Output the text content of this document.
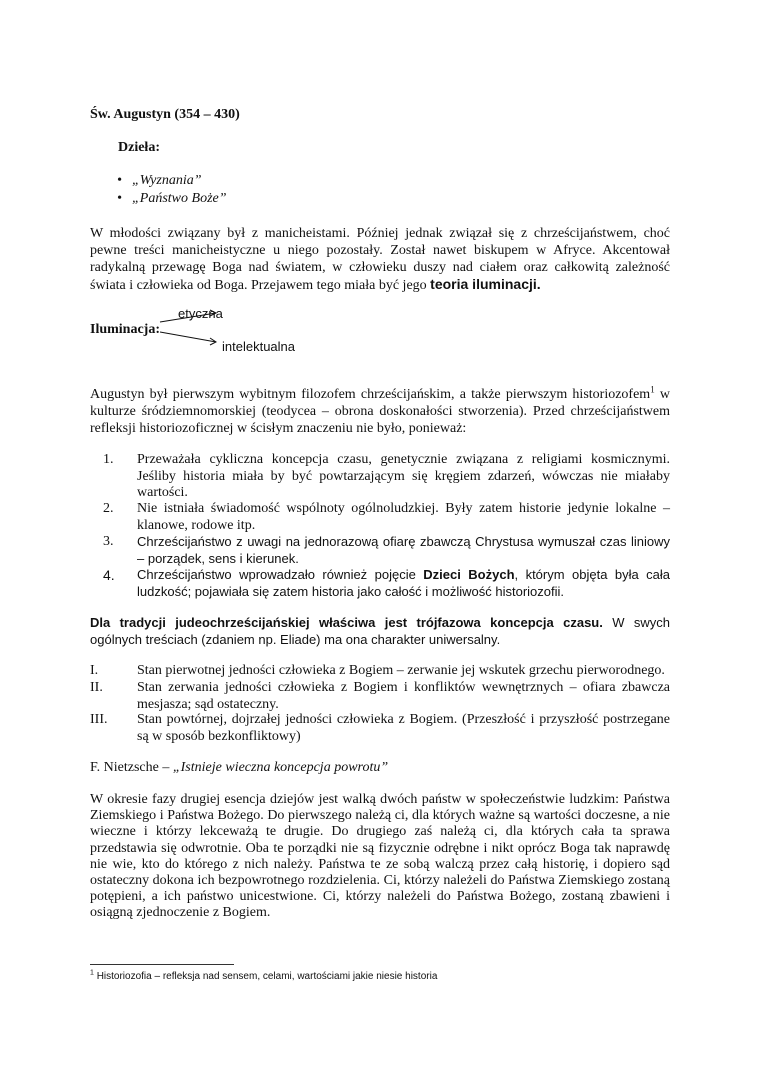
Św. Augustyn (354 – 430)
Dzieła:
• „Wyznania”
• „Państwo Boże”

W młodości związany był z manicheistami. Później jednak związał się z chrześcijaństwem, choć pewne treści manicheistyczne u niego pozostały. Został nawet biskupem w Afryce. Akcentował radykalną przewagę Boga nad światem, w człowieku duszy nad ciałem oraz całkowitą zależność świata i człowieka od Boga. Przejawem tego miała być jego teoria iluminacji.

Iluminacja:
etyczna
intelektualna

Augustyn był pierwszym wybitnym filozofem chrześcijańskim, a także pierwszym historiozofem$^1$ w kulturze śródziemnomorskiej (teodycea – obrona doskonałości stworzenia). Przed chrześcijaństwem refleksji historiozoficznej w ścisłym znaczeniu nie było, ponieważ:

1.	Przeważała cykliczna koncepcja czasu, genetycznie związana z religiami kosmicznymi. Jeśliby historia miała by być powtarzającym się kręgiem zdarzeń, wówczas nie miałaby wartości.

2.	Nie istniała świadomość wspólnoty ogólnoludzkiej. Były zatem historie jedynie lokalne – klanowe, rodowe itp.

3.	Chrześcijaństwo z uwagi na jednorazową ofiarę zbawczą Chrystusa wymuszał czas liniowy – porządek, sens i kierunek.

4.	Chrześcijaństwo wprowadzało również pojęcie Dzieci Bożych, którym objęta była cała ludzkość; pojawiała się zatem historia jako całość i możliwość historiozofii.

Dla tradycji judeochrześcijańskiej właściwa jest trójfazowa koncepcja czasu. W swych ogólnych treściach (zdaniem np. Eliade) ma ona charakter uniwersalny.

I.	Stan pierwotnej jedności człowieka z Bogiem – zerwanie jej wskutek grzechu pierworodnego.

II.	Stan zerwania jedności człowieka z Bogiem i konfliktów wewnętrznych – ofiara zbawcza mesjasza; sąd ostateczny.

III.	Stan powtórnej, dojrzałej jedności człowieka z Bogiem. (Przeszłość i przyszłość postrzegane są w sposób bezkonfliktowy)

F. Nietzsche – „Istnieje wieczna koncepcja powrotu”

W okresie fazy drugiej esencja dziejów jest walką dwóch państw w społeczeństwie ludzkim: Państwa Ziemskiego i Państwa Bożego. Do pierwszego należą ci, dla których ważne są wartości doczesne, a nie wieczne i którzy lekceważą te drugie. Do drugiego zaś należą ci, dla których cała ta sprawa przedstawia się odwrotnie. Oba te porządki nie są fizycznie odrębne i nikt oprócz Boga tak naprawdę nie wie, kto do którego z nich należy. Państwa te ze sobą walczą przez całą historię, i dopiero sąd ostateczny dokona ich bezpowrotnego rozdzielenia. Ci, którzy należeli do Państwa Ziemskiego zostaną potępieni, a ich państwo unicestwione. Ci, którzy należeli do Państwa Bożego, zostaną zbawieni i osiągną zjednoczenie z Bogiem.

$^1$ Historiozofia – refleksja nad sensem, celami, wartościami jakie niesie historia
